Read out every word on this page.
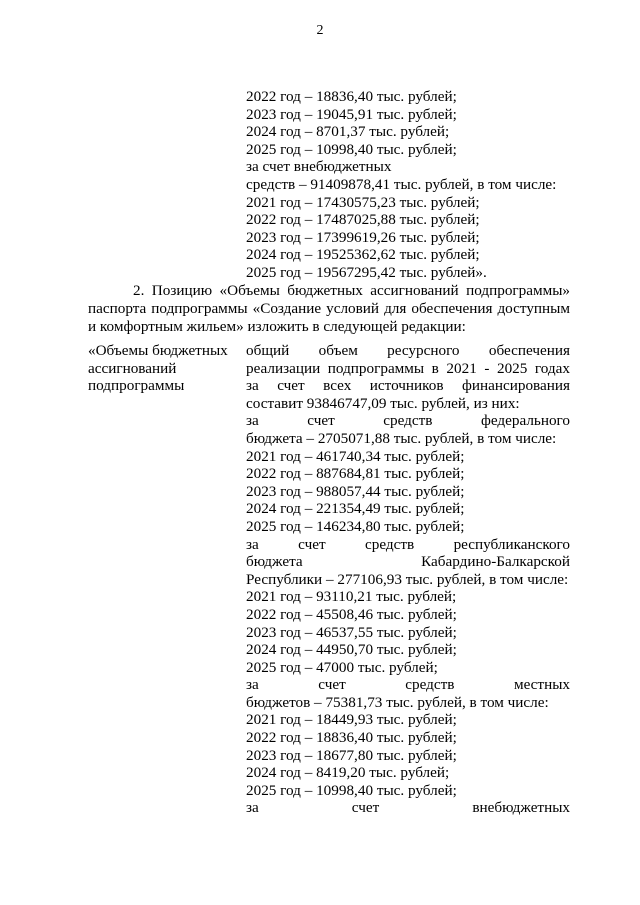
2
2022 год – 18836,40 тыс. рублей;
2023 год – 19045,91 тыс. рублей;
2024 год – 8701,37 тыс. рублей;
2025 год – 10998,40 тыс. рублей;
за счет внебюджетных
средств – 91409878,41 тыс. рублей, в том числе:
2021 год – 17430575,23 тыс. рублей;
2022 год – 17487025,88 тыс. рублей;
2023 год – 17399619,26 тыс. рублей;
2024 год – 19525362,62 тыс. рублей;
2025 год – 19567295,42 тыс. рублей».
2. Позицию «Объемы бюджетных ассигнований подпрограммы»
паспорта подпрограммы «Создание условий для обеспечения доступным
и комфортным жильем» изложить в следующей редакции:
«Объемы бюджетных
ассигнований
подпрограммы
общий объем ресурсного обеспечения
реализации подпрограммы в 2021 - 2025 годах
за счет всех источников финансирования
составит 93846747,09 тыс. рублей, из них:
за счет средств федерального
бюджета – 2705071,88 тыс. рублей, в том числе:
2021 год – 461740,34 тыс. рублей;
2022 год – 887684,81 тыс. рублей;
2023 год – 988057,44 тыс. рублей;
2024 год – 221354,49 тыс. рублей;
2025 год – 146234,80 тыс. рублей;
за счет средств республиканского
бюджета Кабардино-Балкарской
Республики – 277106,93 тыс. рублей, в том числе:
2021 год – 93110,21 тыс. рублей;
2022 год – 45508,46 тыс. рублей;
2023 год – 46537,55 тыс. рублей;
2024 год – 44950,70 тыс. рублей;
2025 год – 47000 тыс. рублей;
за счет средств местных
бюджетов – 75381,73 тыс. рублей, в том числе:
2021 год – 18449,93 тыс. рублей;
2022 год – 18836,40 тыс. рублей;
2023 год – 18677,80 тыс. рублей;
2024 год – 8419,20 тыс. рублей;
2025 год – 10998,40 тыс. рублей;
за счет внебюджетных
